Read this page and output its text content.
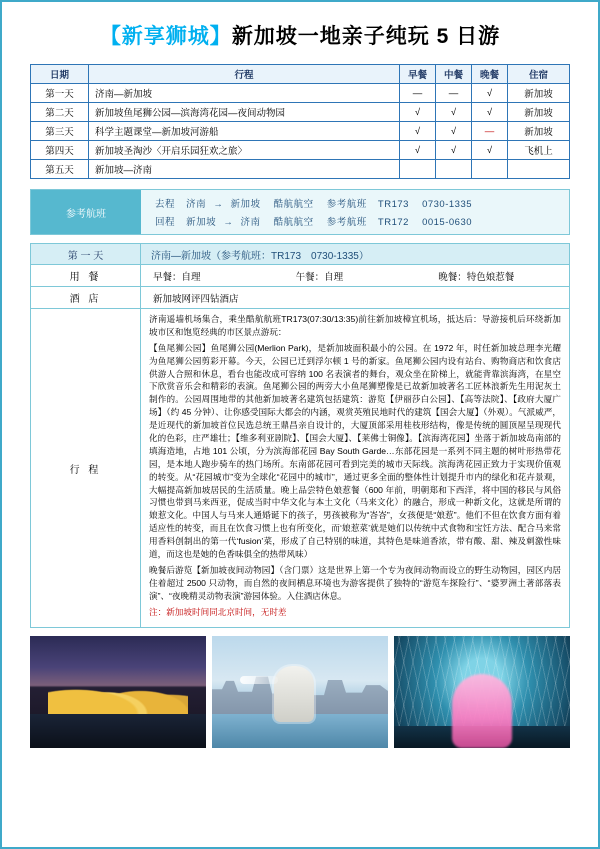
【新享狮城】新加坡一地亲子纯玩 5 日游
日期	行程	早餐	中餐	晚餐	住宿
第一天	济南—新加坡	—	—	√	新加坡
第二天	新加坡鱼尾狮公园—滨海湾花园—夜间动物园	√	√	√	新加坡
第三天	科学主题课堂—新加坡河游船	√	√	—	新加坡
第四天	新加坡圣淘沙〈开启乐园狂欢之旅〉	√	√	√	飞机上
第五天	新加坡—济南				
参考航班
去程 济南 → 新加坡 酷航航空 参考航班 TR173 0730-1335
回程 新加坡 → 济南 酷航航空 参考航班 TR172 0015-0630
第 一 天	济南—新加坡（参考航班：TR173　0730-1335）
用 餐	早餐：自理	午餐：自理	晚餐：特色娘惹餐
酒 店	新加坡网评四钻酒店
行 程

济南遥墙机场集合，乘坐酷航航班TR173(07:30/13:35)前往新加坡樟宜机场，抵达后：导游接机后环绕新加坡市区和饱览经典的市区景点游玩：

【鱼尾狮公园】鱼尾狮公园(Merlion Park)，是新加坡面积最小的公园。在 1972 年，时任新加坡总理李光耀为鱼尾狮公园剪彩开幕。今天，公园已迁到浮尔顿 1 号的新家。鱼尾狮公园内设有站台、购物商店和饮食店供游人合照和休息，看台也能改成可容纳 100 名表演者的舞台，观众坐在阶梯上，就能背靠滨海湾，在星空下欣赏音乐会和精彩的表演。鱼尾狮公园的两旁大小鱼尾狮塑像是已故新加坡著名工匠林浪新先生用泥灰土制作的。公园周围地带的其他新加坡著名建筑包括建筑：游览【伊丽莎白公园】、【高等法院】、【政府大厦广场】（约 45 分钟）、让你感受国际大都会的内涵，观赏英殖民地时代的建筑【国会大厦】（外观）。气派威严，是近现代的新加坡首位民选总统王鼎昌亲自设计的，大厦顶部采用桂枝形结构，像是传统的圆顶屋呈现现代化的色彩，庄严雄壮；【维多利亚剧院】、【国会大厦】、【莱佛士铜像】。【滨海湾花园】坐落于新加坡岛南部的填海造地，占地 101 公顷，分为滨海部花园 Bay South Garde…东部花园是一系列不同主题的树叶形热带花园，是本地人跑步骑车的热门场所。东南部花园可看到完美的城市天际线。滨海湾花园正致力于实现价值观的转变。从“花园城市”变为全球化“花园中的城市”，通过更多全面的整体性计划提升市内的绿化和花卉景观，大幅提高新加坡居民的生活质量。晚上品尝特色娘惹餐（600 年前，明朝郑和下西洋，将中国的移民与风俗习惯也带到马来西亚，促成当时中华文化与本土文化（马来文化）的融合，形成一种新文化，这就是所谓的娘惹文化。中国人与马来人通婚诞下的孩子，男孩被称为“峇峇”，女孩便是“娘惹”。他们不但在饮食方面有着适应性的转变，而且在饮食习惯上也有所变化，而‘娘惹菜’就是她们以传统中式食物和宝饪方法、配合马来常用香料创制出的第一代‘fusion’菜，形成了自己特别的味道，其特色是味道香浓，带有酸、甜、辣及刺激性味道，而这也是她的色香味俱全的热带风味）

晚餐后游览【新加坡夜间动物园】（含门票）这是世界上第一个专为夜间动物而设立的野生动物园，园区内居住着超过 2500 只动物，而自然的夜间栖息环境也为游客提供了独特的“游览车探险行”、“婆罗洲土著部落表演”、“夜晚精灵动物表演”游园体验。入住酒店休息。

注：新加坡时间同北京时间，无时差
